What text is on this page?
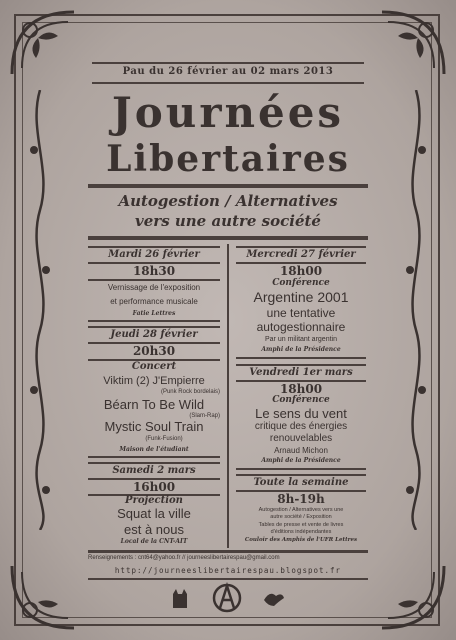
Pau du 26 février au 02 mars 2013
Journées
Libertaires
Autogestion / Alternatives
vers une autre société
Mardi 26 février
18h30
Vernissage de l'exposition
et performance musicale
Fatie Lettres
Jeudi 28 février
20h30
Concert
Viktim (2) J'Empierre
(Punk Rock bordelais)
Béarn To Be Wild
(Slam-Rap)
Mystic Soul Train
(Funk-Fusion)
Maison de l'étudiant
Samedi 2 mars
16h00
Projection
Squat la ville
est à nous
Local de la CNT-AIT
Mercredi 27 février
18h00
Conférence
Argentine 2001
une tentative
autogestionnaire
Par un militant argentin
Amphi de la Présidence
Vendredi 1er mars
18h00
Conférence
Le sens du vent
critique des énergies
renouvelables
Arnaud Michon
Amphi de la Présidence
Toute la semaine
8h-19h
Autogestion / Alternatives vers une
autre société / Exposition
Tables de presse et vente de livres
d'éditions indépendantes
Couloir des Amphis de l'UFR Lettres
Renseignements : cnt64@yahoo.fr // journeeslibertairespau@gmail.com
http://journeeslibertairespau.blogspot.fr
